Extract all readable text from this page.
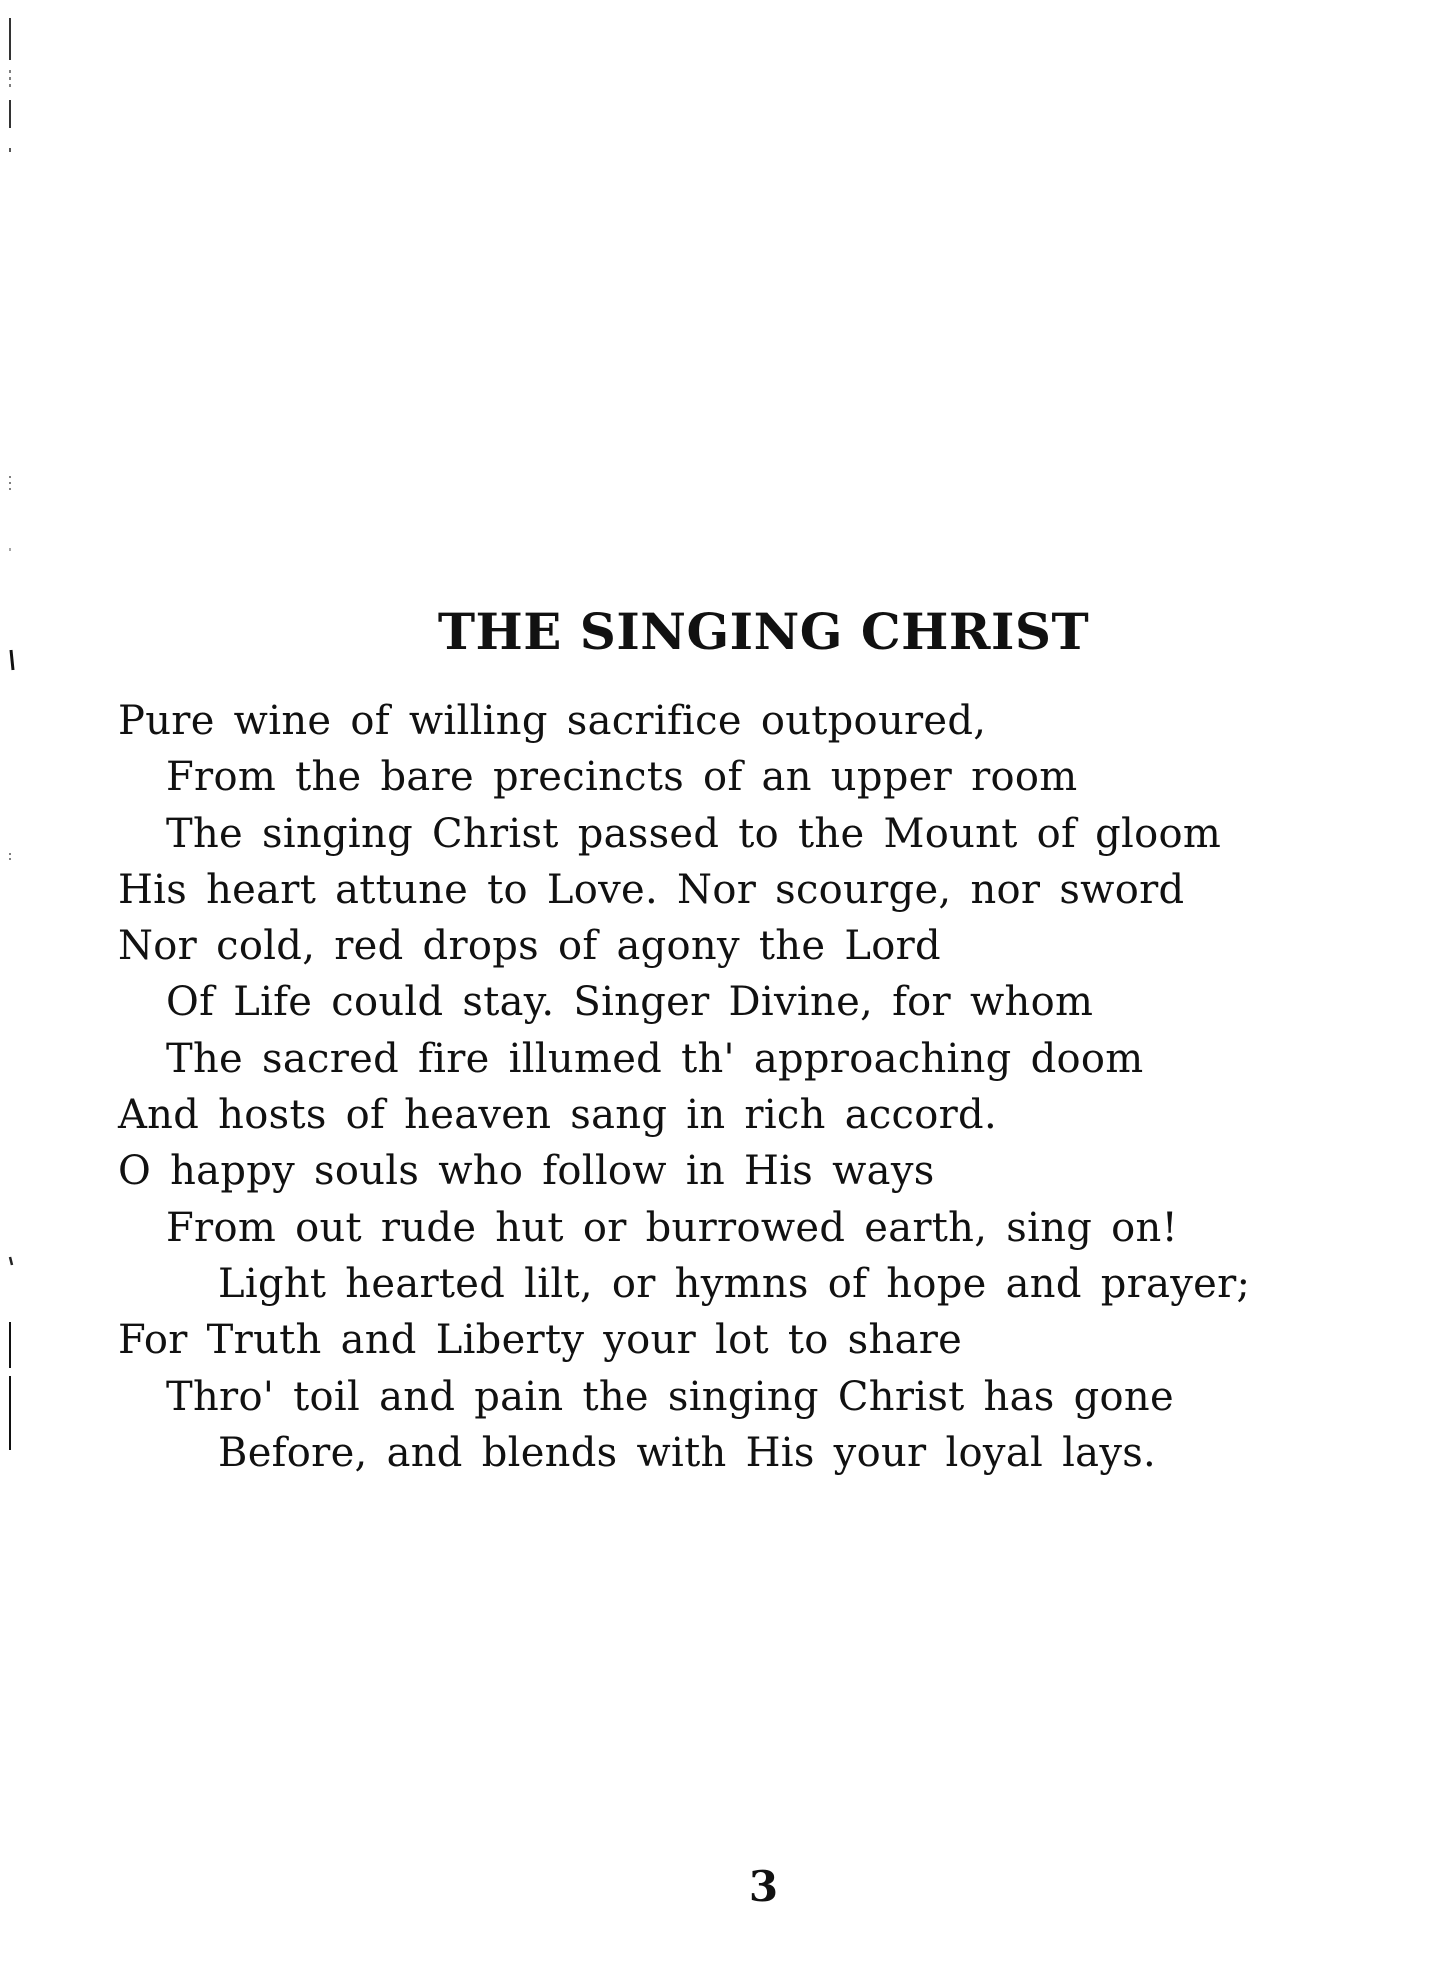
THE SINGING CHRIST
Pure wine of willing sacrifice outpoured,
From the bare precincts of an upper room
The singing Christ passed to the Mount of gloom
His heart attune to Love. Nor scourge, nor sword
Nor cold, red drops of agony the Lord
Of Life could stay. Singer Divine, for whom
The sacred fire illumed th' approaching doom
And hosts of heaven sang in rich accord.
O happy souls who follow in His ways
From out rude hut or burrowed earth, sing on!
Light hearted lilt, or hymns of hope and prayer;
For Truth and Liberty your lot to share
Thro' toil and pain the singing Christ has gone
Before, and blends with His your loyal lays.
3
